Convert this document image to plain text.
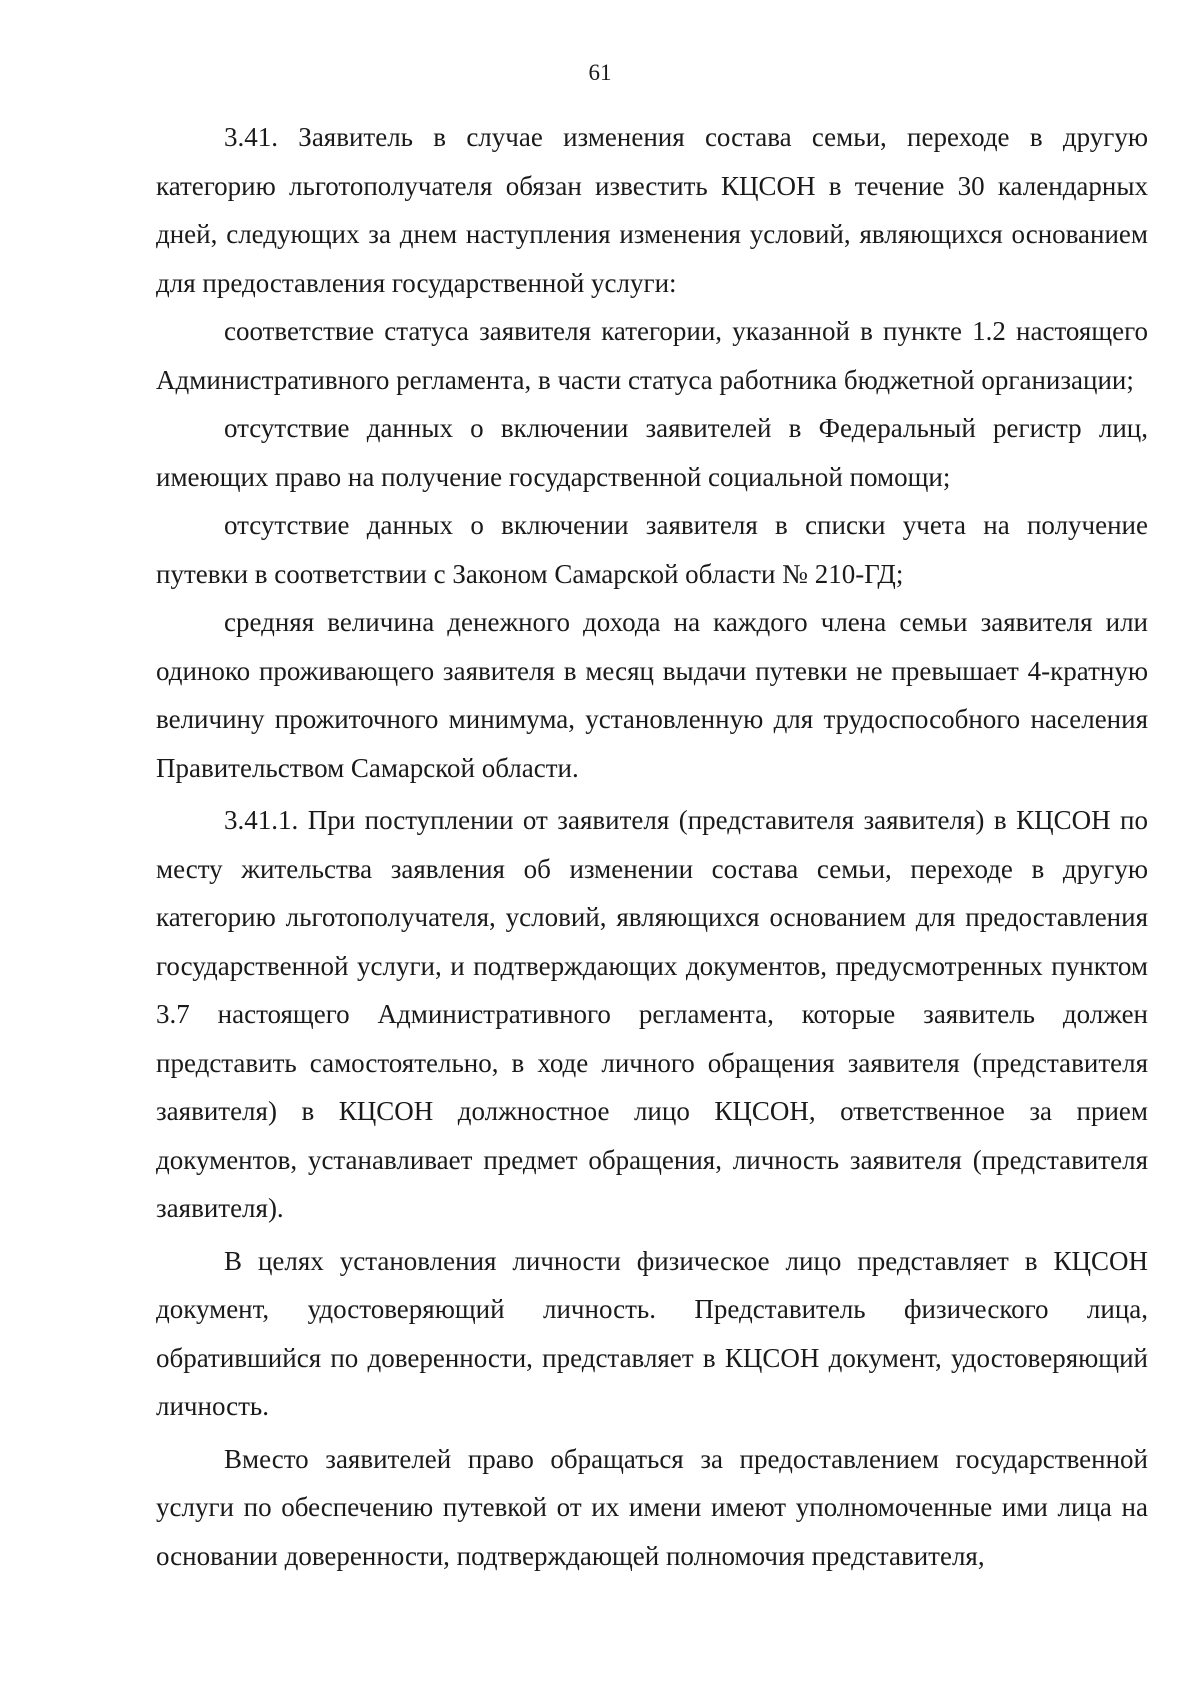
61

3.41. Заявитель в случае изменения состава семьи, переходе в другую категорию льготополучателя обязан известить КЦСОН в течение 30 календарных дней, следующих за днем наступления изменения условий, являющихся основанием для предоставления государственной услуги:

соответствие статуса заявителя категории, указанной в пункте 1.2 настоящего Административного регламента, в части статуса работника бюджетной организации;

отсутствие данных о включении заявителей в Федеральный регистр лиц, имеющих право на получение государственной социальной помощи;

отсутствие данных о включении заявителя в списки учета на получение путевки в соответствии с Законом Самарской области № 210-ГД;

средняя величина денежного дохода на каждого члена семьи заявителя или одиноко проживающего заявителя в месяц выдачи путевки не превышает 4-кратную величину прожиточного минимума, установленную для трудоспособного населения Правительством Самарской области.

3.41.1. При поступлении от заявителя (представителя заявителя) в КЦСОН по месту жительства заявления об изменении состава семьи, переходе в другую категорию льготополучателя, условий, являющихся основанием для предоставления государственной услуги, и подтверждающих документов, предусмотренных пунктом 3.7 настоящего Административного регламента, которые заявитель должен представить самостоятельно, в ходе личного обращения заявителя (представителя заявителя) в КЦСОН должностное лицо КЦСОН, ответственное за прием документов, устанавливает предмет обращения, личность заявителя (представителя заявителя).

В целях установления личности физическое лицо представляет в КЦСОН документ, удостоверяющий личность. Представитель физического лица, обратившийся по доверенности, представляет в КЦСОН документ, удостоверяющий личность.

Вместо заявителей право обращаться за предоставлением государственной услуги по обеспечению путевкой от их имени имеют уполномоченные ими лица на основании доверенности, подтверждающей полномочия представителя,
